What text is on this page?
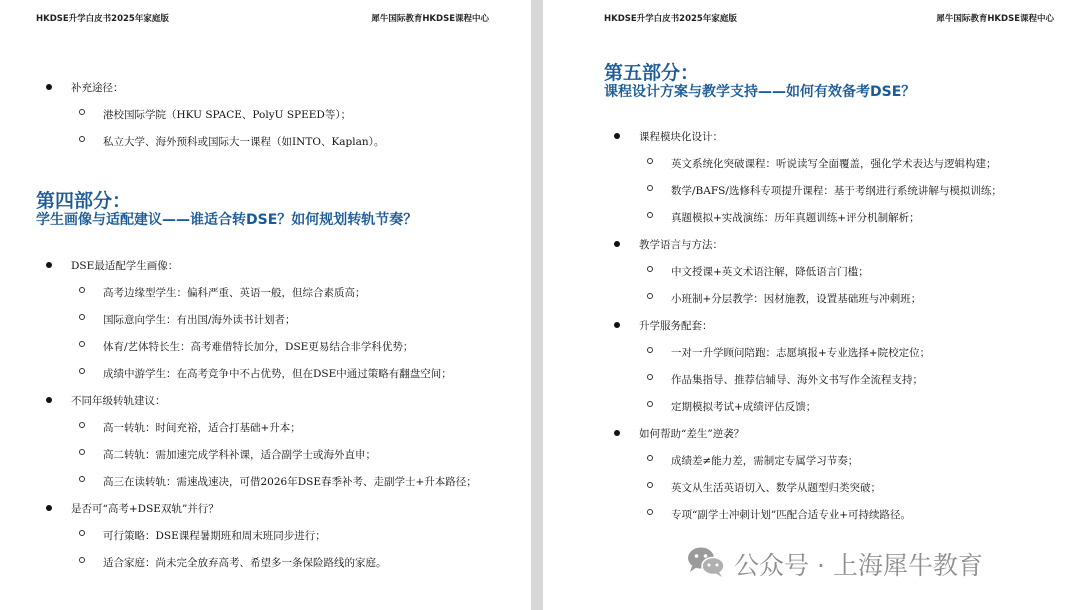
HKDSE升学白皮书2025年家庭版	犀牛国际教育HKDSE课程中心
补充途径：
港校国际学院（HKU SPACE、PolyU SPEED等）；
私立大学、海外预科或国际大一课程（如INTO、Kaplan）。
第四部分：
学生画像与适配建议——谁适合转DSE？如何规划转轨节奏？
DSE最适配学生画像：
高考边缘型学生：偏科严重、英语一般，但综合素质高；
国际意向学生：有出国/海外读书计划者；
体育/艺体特长生：高考难借特长加分，DSE更易结合非学科优势；
成绩中游学生：在高考竞争中不占优势，但在DSE中通过策略有翻盘空间；
不同年级转轨建议：
高一转轨：时间充裕，适合打基础+升本；
高二转轨：需加速完成学科补课，适合副学士或海外直申；
高三在读转轨：需速战速决，可借2026年DSE春季补考、走副学士+升本路径；
是否可“高考+DSE双轨”并行？
可行策略：DSE课程暑期班和周末班同步进行；
适合家庭：尚未完全放弃高考、希望多一条保险路线的家庭。
HKDSE升学白皮书2025年家庭版	犀牛国际教育HKDSE课程中心
第五部分：
课程设计方案与教学支持——如何有效备考DSE？
课程模块化设计：
英文系统化突破课程：听说读写全面覆盖，强化学术表达与逻辑构建；
数学/BAFS/选修科专项提升课程：基于考纲进行系统讲解与模拟训练；
真题模拟+实战演练：历年真题训练+评分机制解析；
教学语言与方法：
中文授课+英文术语注解，降低语言门槛；
小班制+分层教学：因材施教，设置基础班与冲刺班；
升学服务配套：
一对一升学顾问陪跑：志愿填报+专业选择+院校定位；
作品集指导、推荐信辅导、海外文书写作全流程支持；
定期模拟考试+成绩评估反馈；
如何帮助“差生”逆袭？
成绩差≠能力差，需制定专属学习节奏；
英文从生活英语切入、数学从题型归类突破；
专项“副学士冲刺计划”匹配合适专业+可持续路径。
公众号 · 上海犀牛教育
